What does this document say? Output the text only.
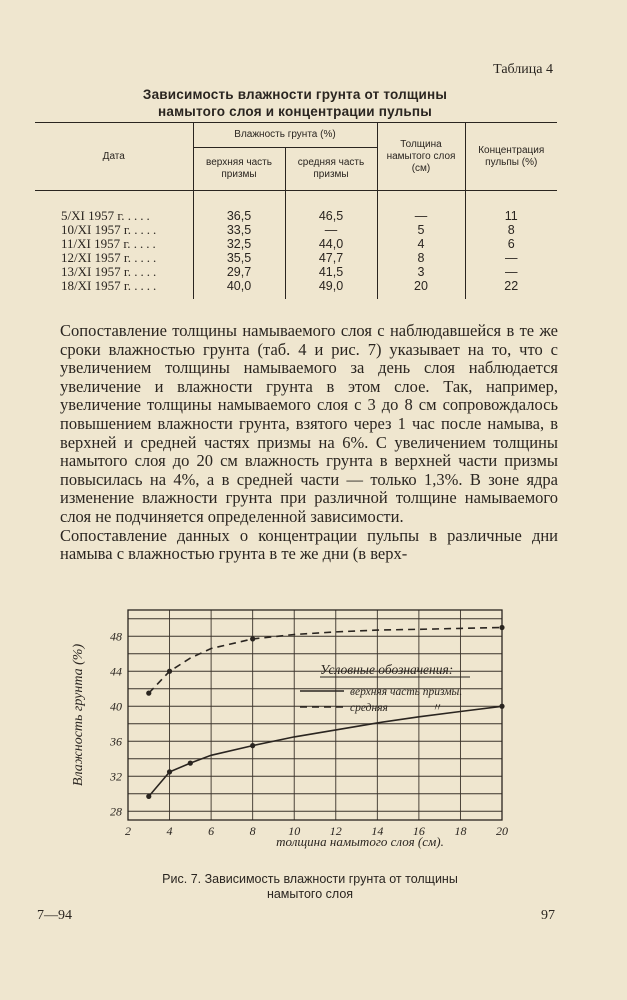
Таблица 4
Зависимость влажности грунта от толщины
намытого слоя и концентрации пульпы
Дата	Влажность грунта (%)		Толщина намытого слоя (см)	Концентрация пульпы (%)
	верхняя часть призмы	средняя часть призмы		
5/XI 1957 г. ....	36,5	46,5	—	11
10/XI 1957 г. ....	33,5	—	5	8
11/XI 1957 г. ....	32,5	44,0	4	6
12/XI 1957 г. ....	35,5	47,7	8	—
13/XI 1957 г. ....	29,7	41,5	3	—
18/XI 1957 г. ....	40,0	49,0	20	22

Сопоставление толщины намываемого слоя с наблюдавшейся в те же сроки влажностью грунта (таб. 4 и рис. 7) указывает на то, что с увеличением толщины намываемого за день слоя наблюдается увеличение и влажности грунта в этом слое. Так, например, увеличение толщины намываемого слоя с 3 до 8 см сопровождалось повышением влажности грунта, взятого через 1 час после намыва, в верхней и средней частях призмы на 6%. С увеличением толщины намытого слоя до 20 см влажность грунта в верхней части призмы повысилась на 4%, а в средней части — только 1,3%. В зоне ядра изменение влажности грунта при различной толщине намываемого слоя не подчиняется определенной зависимости.

Сопоставление данных о концентрации пульпы в различные дни намыва с влажностью грунта в те же дни (в верх-

2	4	6	8	10 12 14 16 18 20
28
32
36
40
44
48
толщина намытого слоя (см).
Влажность грунта (%)	Условные обозначения:
верхняя часть призмы.
средняя	〃
Рис. 7. Зависимость влажности грунта от толщины
намытого слоя
7—94	97
